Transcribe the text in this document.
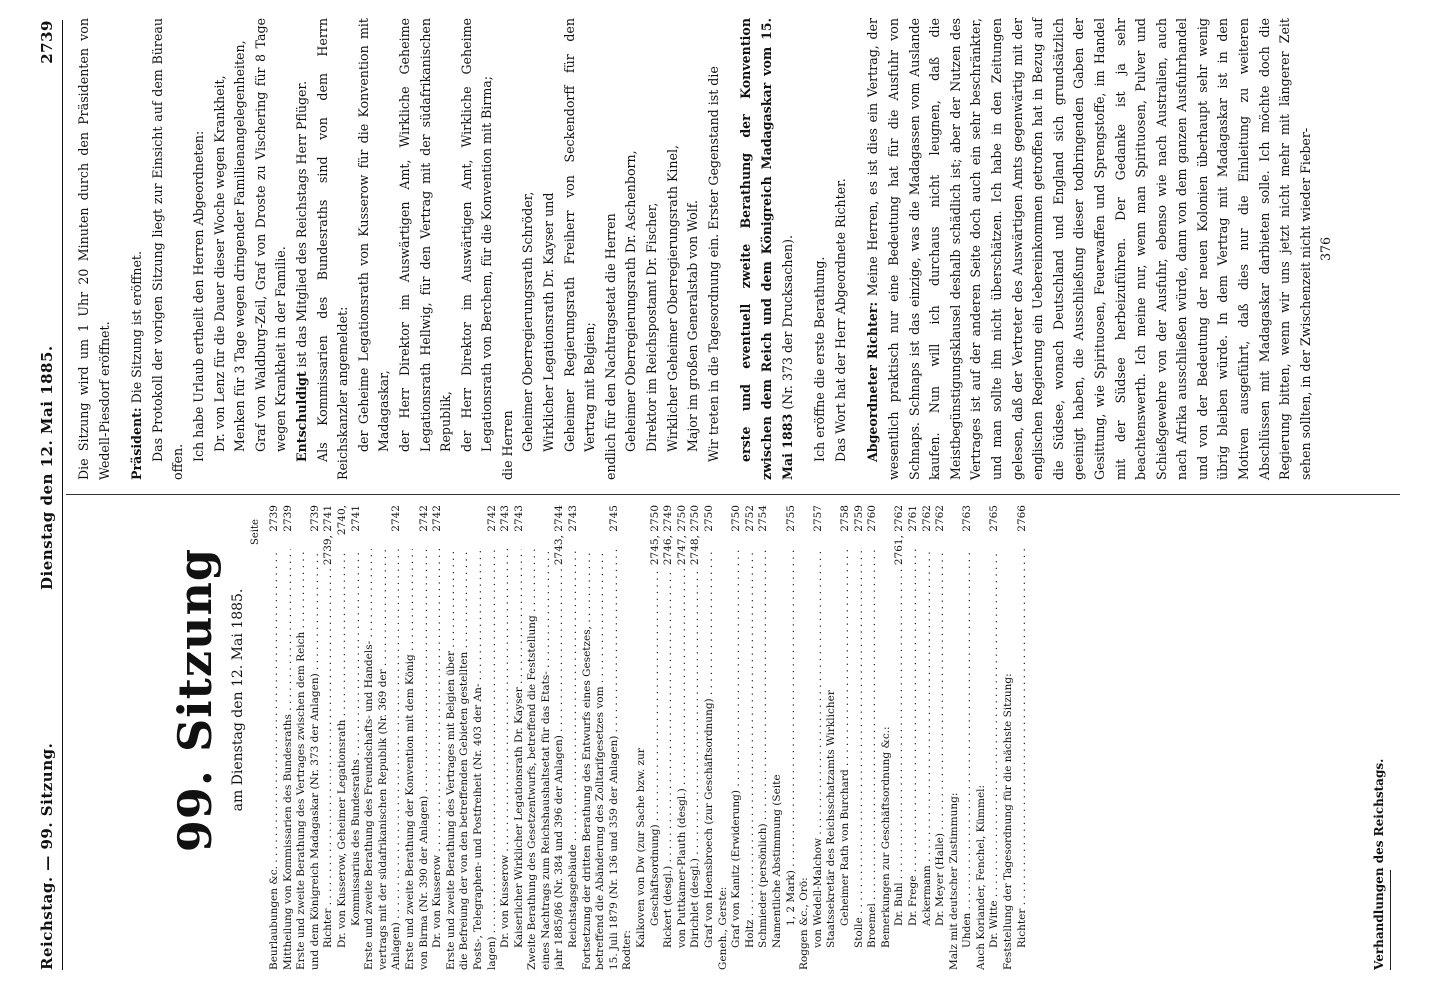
Reichstag. — 99. Sitzung.
Dienstag den 12. Mai 1885.
2739
99. Sitzung am Dienstag den 12. Mai 1885.
Seite
Beurlaubungen &c. . . .
2739
Mittheilung von Kommissarien des Bundesraths . . .
2739
Erste und zweite Berathung des Vertrages zwischen dem Reich . . . und dem Königreich Madagaskar (Nr. 373 der Anlagen) . . .
2739
Richter . . .
2739, 2741
Dr. von Kusserow, Geheimer Legationsrath . . .
2740,
Kommissarius des Bundesraths . . .
2741
Erste und zweite Berathung des Freundschafts- und Handels- . . . vertrags mit der südafrikanischen Republik (Nr. 369 der . . . Anlagen) . . .
2742
Erste und zweite Berathung der Konvention mit dem König . . . von Birma (Nr. 390 der Anlagen) . . .
2742
Dr. von Kusserow . . .
2742
Erste und zweite Berathung des Vertrages mit Belgien über . . . die Befreiung der von den betreffenden Gebieten gestellten . . . Posts-, Telegraphen- und Postfreiheit (Nr. 403 der An- . . . lagen) . . .
2742
Dr. von Kusserow . . .
2743
Kaiserlicher Wirklicher Legationsrath Dr. Kayser . . .
2743
Zweite Berathung des Gesetzentwurfs, betreffend die Feststellung . . . eines Nachtrags zum Reichshaushaltsetat für das Etats- . . . jahr 1885/86 (Nr. 384 und 396 der Anlagen) . . .
2743, 2744
Reichstagsgebäude . . .
2743
Fortsetzung der dritten Berathung des Entwurfs eines Gesetzes, . . . betreffend die Abänderung des Zolltarifgesetzes vom . . . 15. Juli 1879 (Nr. 136 und 359 der Anlagen) . . .
2745
Rodter:
Kalkoven von Dw (zur Sache bzw. zur Geschäftsordnung) . . .
2745, 2750
Rickert (desgl.) . . .
2746, 2749
von Puttkamer-Plauth (desgl.) . . .
2747, 2750
Dirichlet (desgl.) . . .
2748, 2750
Graf von Hoensbroech (zur Geschäftsordnung) . . .
2750
Geneh., Gerste: Graf von Kanitz (Erwiderung) . . .
2750
Holtz . . .
2752
Schmieder (persönlich) . . .
2754
Namentliche Abstimmung (Seite 1, 2 Mark) . . .
2755
Roggen &c., Orö: von Wedell-Malchow . . .
2757
Staatssekretär des Reichsschatzamts Wirklicher Geheimer Rath von Burchard . . .
2758
Stolle . . .
2759
Broemel . . .
2760
Bemerkungen zur Geschäftsordnung &c.: Dr. Buhl . . .
2761, 2762
Dr. Frege . . .
2761
Ackermann . . .
2762
Dr. Meyer (Halle) . . .
2762
Malz mit deutscher Zustimmung: Uhden . . .
2763
Auch Koriander, Fenchel, Kümmel: Dr. Witte . . .
2765
Feststellung der Tagesordnung für die nächste Sitzung: Richter . . .
2766
Verhandlungen des Reichstags.

Die Sitzung wird um 1 Uhr 20 Minuten durch den Präsidenten von Wedell-Piesdorf eröffnet. Präsident: Die Sitzung ist eröffnet. Das Protokoll der vorigen Sitzung liegt zur Einsicht auf dem Büreau offen. Ich habe Urlaub ertheilt den Herren Abgeordneten: Dr. von Lenz für die Dauer dieser Woche wegen Krankheit, Menken für 3 Tage wegen dringender Familienangelegenheiten, Graf von Waldburg-Zeil, Graf von Droste zu Vischering für 8 Tage wegen Krankheit in der Familie. Entschuldigt ist das Mitglied des Reichstags Herr Pflüger. Als Kommissarien des Bundesraths sind von dem Herrn Reichskanzler angemeldet: der Geheime Legationsrath von Kusserow für die Konvention mit Madagaskar, der Herr Direktor im Auswärtigen Amt, Wirkliche Geheime Legationsrath Hellwig, für den Vertrag mit der südafrikanischen Republik, der Herr Direktor im Auswärtigen Amt, Wirkliche Geheime Legationsrath von Berchem, für die Konvention mit Birma; die Herren Geheimer Oberregierungsrath Schröder, Wirklicher Legationsrath Dr. Kayser und Geheimer Regierungsrath Freiherr von Seckendorff für den Vertrag mit Belgien; endlich für den Nachtragsetat die Herren Geheimer Oberregierungsrath Dr. Aschenborn, Direktor im Reichspostamt Dr. Fischer, Wirklicher Geheimer Oberregierungsrath Kinel, Major im großen Generalstab von Wolf. Wir treten in die Tagesordnung ein. Erster Gegenstand ist die erste und eventuell zweite Berathung der Konvention zwischen dem Reich und dem Königreich Madagaskar vom 15. Mai 1883 (Nr. 373 der Drucksachen). Ich eröffne die erste Berathung. Das Wort hat der Herr Abgeordnete Richter. Abgeordneter Richter: Meine Herren, es ist dies ein Vertrag, der wesentlich praktisch nur eine Bedeutung hat für die Ausfuhr von Schnaps. Schnaps ist das einzige, was die Madagassen vom Auslande kaufen. Nun will ich durchaus nicht leugnen, daß die Meistbegünstigungsklausel deshalb schädlich ist; aber der Nutzen des Vertrages ist auf der anderen Seite doch auch ein sehr beschränkter, und man sollte ihn nicht überschätzen. Ich habe in den Zeitungen gelesen, daß der Vertreter des Auswärtigen Amts gegenwärtig mit der englischen Regierung ein Uebereinkommen getroffen hat in Bezug auf die Südsee, wonach Deutschland und England sich grundsätzlich geeinigt haben, die Ausschließung dieser todbringenden Gaben der Gesittung, wie Spirituosen, Feuerwaffen und Sprengstoffe, im Handel mit der Südsee herbeizuführen. Der Gedanke ist ja sehr beachtenswerth. Ich meine nur, wenn man Spirituosen, Pulver und Schießgewehre von der Ausfuhr, ebenso wie nach Australien, auch nach Afrika ausschließen würde, dann von dem ganzen Ausfuhrhandel und von der Bedeutung der neuen Kolonien überhaupt sehr wenig übrig bleiben würde. In dem Vertrag mit Madagaskar ist in den Motiven ausgeführt, daß dies nur die Einleitung zu weiteren Abschlüssen mit Madagaskar darbieten solle. Ich möchte doch die Regierung bitten, wenn wir uns jetzt nicht mehr mit längerer Zeit sehen sollten, in der Zwischenzeit nicht wieder Fieber- 376
